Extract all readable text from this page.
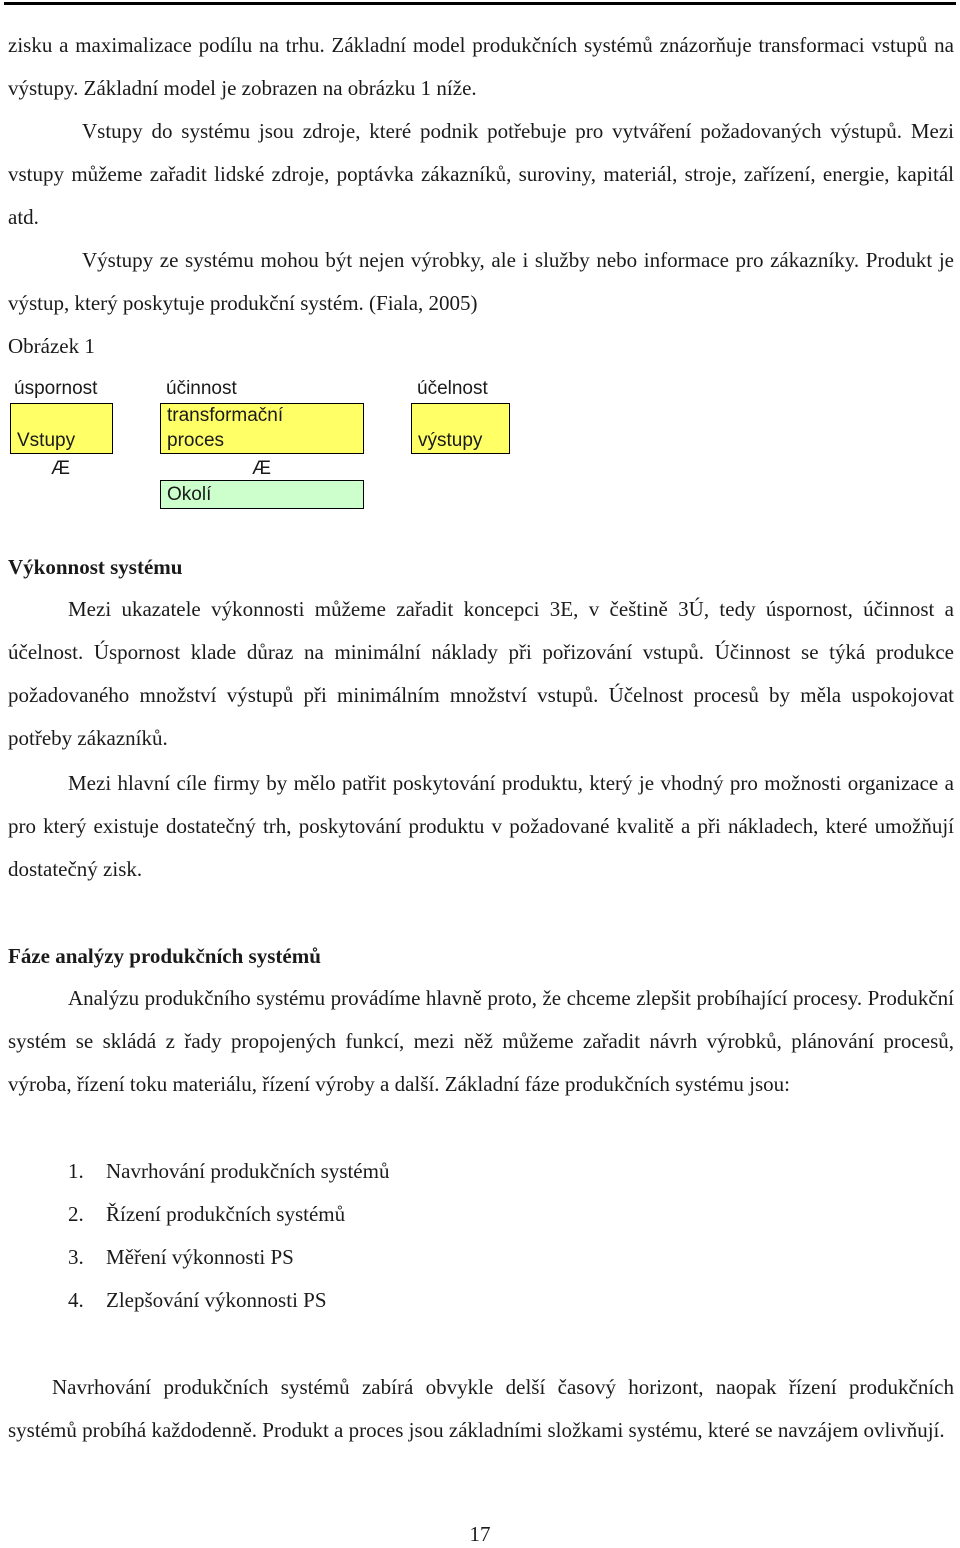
zisku a maximalizace podílu na trhu. Základní model produkčních systémů znázorňuje transformaci vstupů na výstupy. Základní model je zobrazen na obrázku 1 níže.

Vstupy do systému jsou zdroje, které podnik potřebuje pro vytváření požadovaných výstupů. Mezi vstupy můžeme zařadit lidské zdroje, poptávka zákazníků, suroviny, materiál, stroje, zařízení, energie, kapitál atd.

Výstupy ze systému mohou být nejen výrobky, ale i služby nebo informace pro zákazníky. Produkt je výstup, který poskytuje produkční systém. (Fiala, 2005)

Obrázek 1

úspornost	účinnost	účelnost
Vstupy
transformační
proces	výstupy
Æ	Æ
Okolí
Výkonnost systému

Mezi ukazatele výkonnosti můžeme zařadit koncepci 3E, v češtině 3Ú, tedy úspornost, účinnost a účelnost. Úspornost klade důraz na minimální náklady při pořizování vstupů. Účinnost se týká produkce požadovaného množství výstupů při minimálním množství vstupů. Účelnost procesů by měla uspokojovat potřeby zákazníků.

Mezi hlavní cíle firmy by mělo patřit poskytování produktu, který je vhodný pro možnosti organizace a pro který existuje dostatečný trh, poskytování produktu v požadované kvalitě a při nákladech, které umožňují dostatečný zisk.

Fáze analýzy produkčních systémů

Analýzu produkčního systému provádíme hlavně proto, že chceme zlepšit probíhající procesy. Produkční systém se skládá z řady propojených funkcí, mezi něž můžeme zařadit návrh výrobků, plánování procesů, výroba, řízení toku materiálu, řízení výroby a další. Základní fáze produkčních systému jsou:

1.	Navrhování produkčních systémů
2.	Řízení produkčních systémů
3.	Měření výkonnosti PS
4.	Zlepšování výkonnosti PS

Navrhování produkčních systémů zabírá obvykle delší časový horizont, naopak řízení produkčních systémů probíhá každodenně. Produkt a proces jsou základními složkami systému, které se navzájem ovlivňují.

17
